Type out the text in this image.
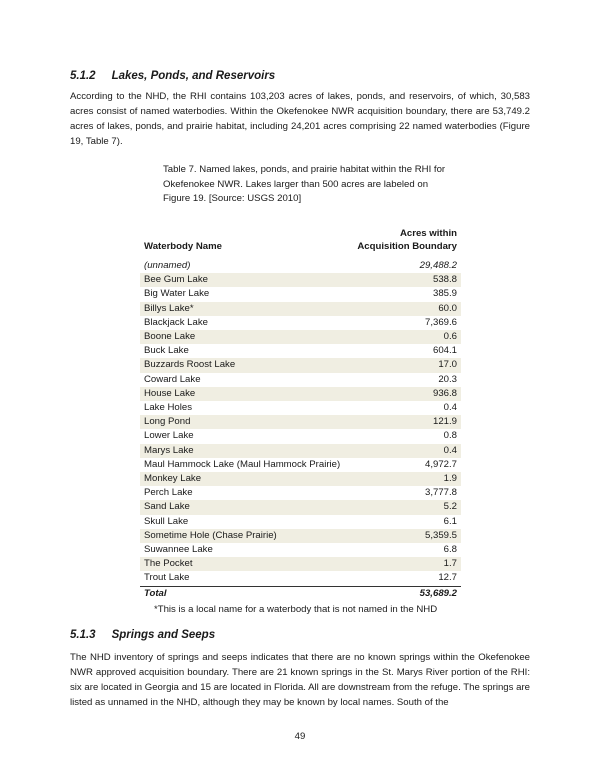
5.1.2 Lakes, Ponds, and Reservoirs

According to the NHD, the RHI contains 103,203 acres of lakes, ponds, and reservoirs, of which, 30,583 acres consist of named waterbodies. Within the Okefenokee NWR acquisition boundary, there are 53,749.2 acres of lakes, ponds, and prairie habitat, including 24,201 acres comprising 22 named waterbodies (Figure 19, Table 7).

Table 7. Named lakes, ponds, and prairie habitat within the RHI for Okefenokee NWR. Lakes larger than 500 acres are labeled on Figure 19. [Source: USGS 2010]

Waterbody Name	Acres within Acquisition Boundary
(unnamed)	29,488.2
Bee Gum Lake	538.8
Big Water Lake	385.9
Billys Lake*	60.0
Blackjack Lake	7,369.6
Boone Lake	0.6
Buck Lake	604.1
Buzzards Roost Lake	17.0
Coward Lake	20.3
House Lake	936.8
Lake Holes	0.4
Long Pond	121.9
Lower Lake	0.8
Marys Lake	0.4
Maul Hammock Lake (Maul Hammock Prairie)	4,972.7
Monkey Lake	1.9
Perch Lake	3,777.8
Sand Lake	5.2
Skull Lake	6.1
Sometime Hole (Chase Prairie)	5,359.5
Suwannee Lake	6.8
The Pocket	1.7
Trout Lake	12.7
Total	53,689.2

*This is a local name for a waterbody that is not named in the NHD

5.1.3 Springs and Seeps

The NHD inventory of springs and seeps indicates that there are no known springs within the Okefenokee NWR approved acquisition boundary. There are 21 known springs in the St. Marys River portion of the RHI: six are located in Georgia and 15 are located in Florida. All are downstream from the refuge. The springs are listed as unnamed in the NHD, although they may be known by local names. South of the

49
